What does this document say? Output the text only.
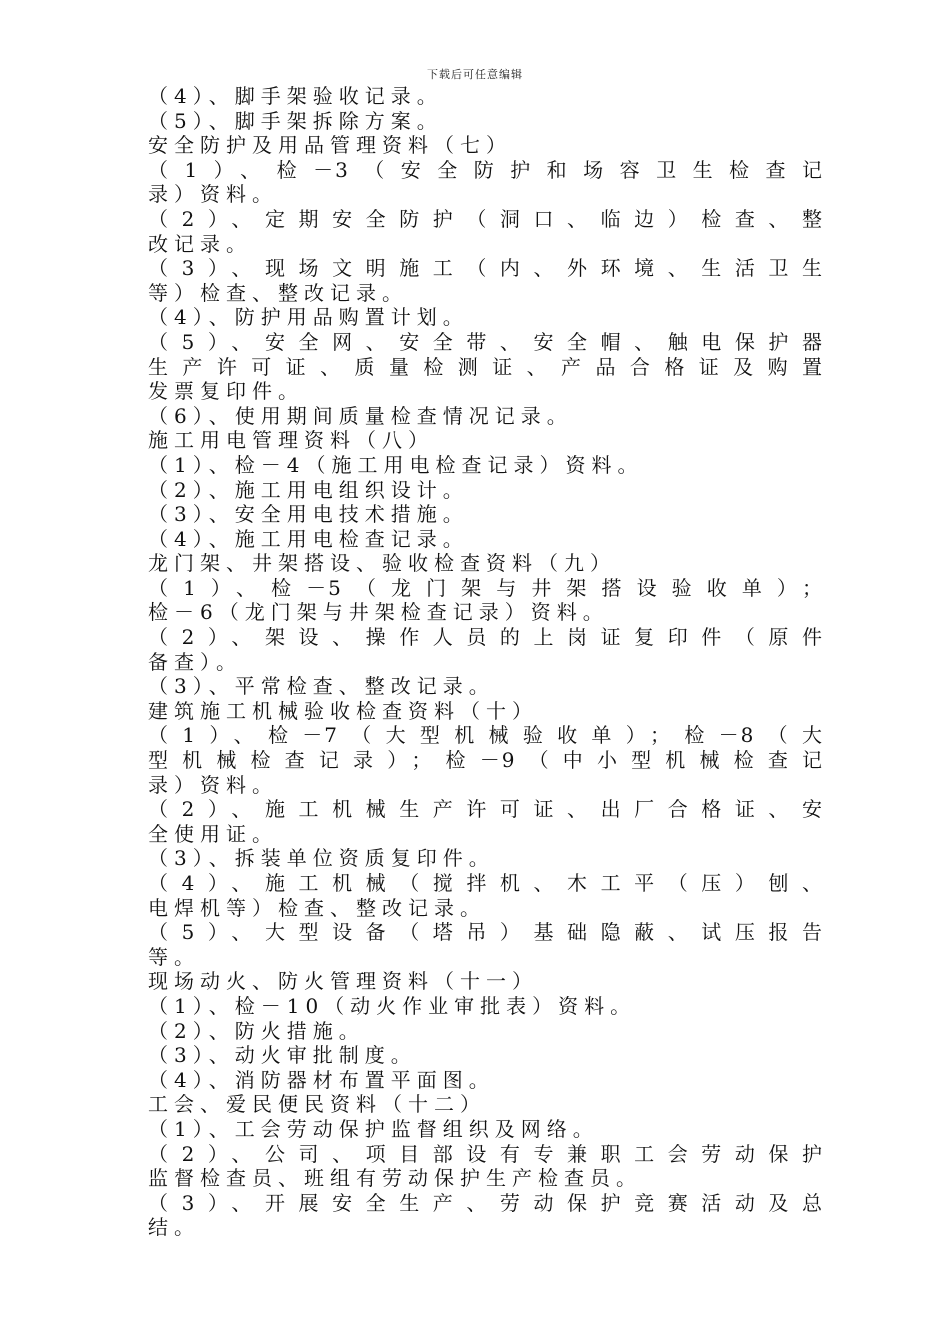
下载后可任意编辑
（4）、脚手架验收记录。
（5）、脚手架拆除方案。
安全防护及用品管理资料（七）
（1）、检－3（安全防护和场容卫生检查记
录）资料。
（2）、定期安全防护（洞口、临边）检查、整
改记录。
（3）、现场文明施工（内、外环境、生活卫生
等）检查、整改记录。
（4）、防护用品购置计划。
（5）、安全网、安全带、安全帽、触电保护器
生产许可证、质量检测证、产品合格证及购置
发票复印件。
（6）、使用期间质量检查情况记录。
施工用电管理资料（八）
（1）、检－4（施工用电检查记录）资料。
（2）、施工用电组织设计。
（3）、安全用电技术措施。
（4）、施工用电检查记录。
龙门架、井架搭设、验收检查资料（九）
（1）、检－5（龙门架与井架搭设验收单）；
检－6（龙门架与井架检查记录）资料。
（2）、架设、操作人员的上岗证复印件（原件
备查）。
（3）、平常检查、整改记录。
建筑施工机械验收检查资料（十）
（1）、检－7（大型机械验收单）；检－8（大
型机械检查记录）；检－9（中小型机械检查记
录）资料。
（2）、施工机械生产许可证、出厂合格证、安
全使用证。
（3）、拆装单位资质复印件。
（4）、施工机械（搅拌机、木工平（压）刨、
电焊机等）检查、整改记录。
（5）、大型设备（塔吊）基础隐蔽、试压报告
等。
现场动火、防火管理资料（十一）
（1）、检－10（动火作业审批表）资料。
（2）、防火措施。
（3）、动火审批制度。
（4）、消防器材布置平面图。
工会、爱民便民资料（十二）
（1）、工会劳动保护监督组织及网络。
（2）、公司、项目部设有专兼职工会劳动保护
监督检查员、班组有劳动保护生产检查员。
（3）、开展安全生产、劳动保护竞赛活动及总
结。
